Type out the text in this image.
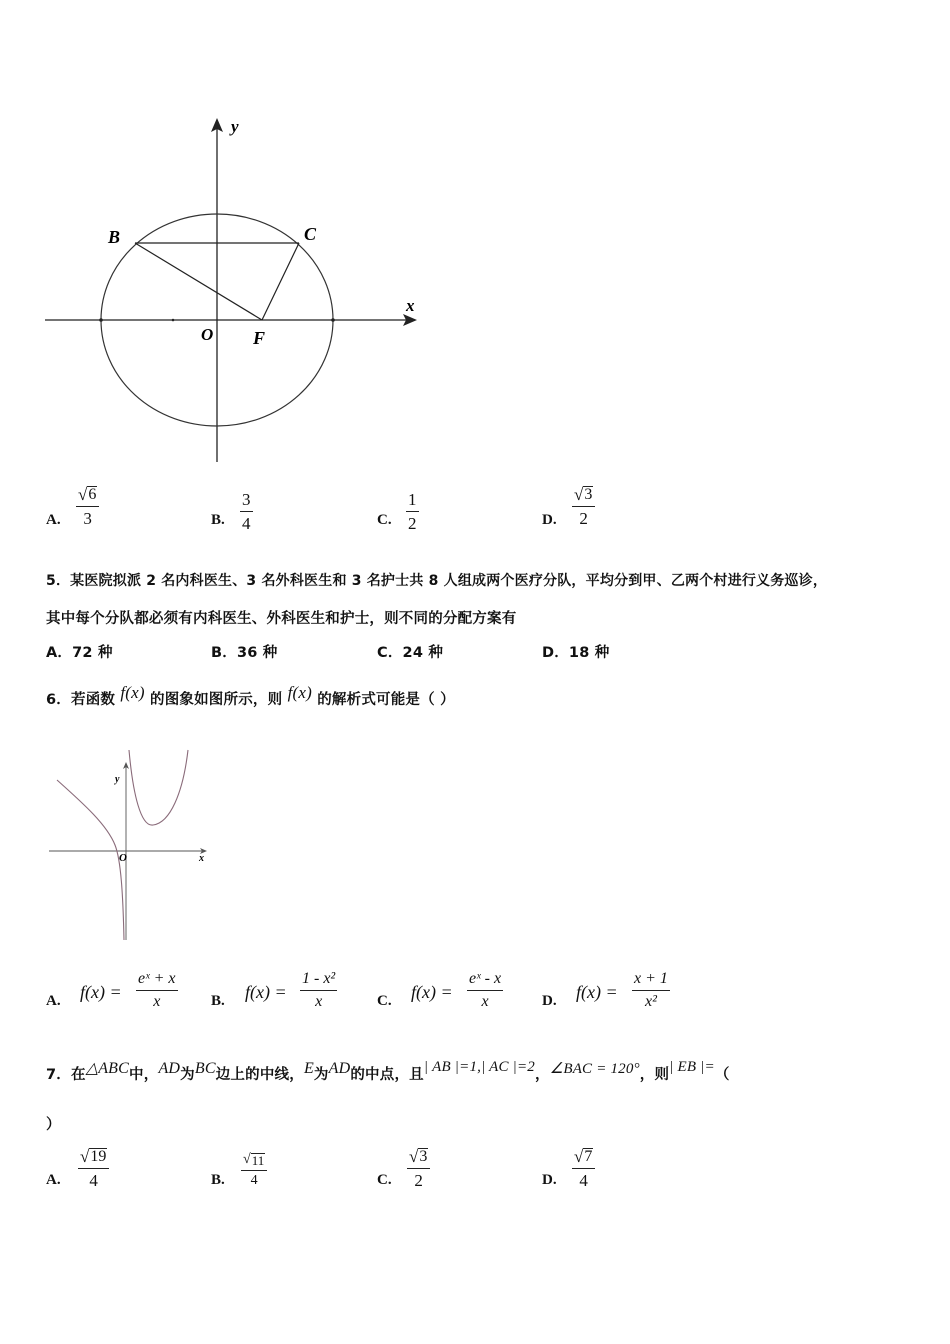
y
x
O
B	C
F
A. $\frac{√ 6}{3}$	B. $\frac{3}{4}$	C. $\frac{1}{2}$	D. $\frac{√ 3}{2}$
5．某医院拟派 2 名内科医生、3 名外科医生和 3 名护士共 8 人组成两个医疗分队，平均分到甲、乙两个村进行义务巡诊，
其中每个分队都必须有内科医生、外科医生和护士，则不同的分配方案有
A．72 种	B．36 种	C．24 种	D．18 种
6．若函数 f(x) 的图象如图所示，则 f(x) 的解析式可能是（ ）
y
x
O
A. $f(x) = \frac{\text{eˣ + x}}{x} B$. $f(x) = \frac{\text{1 - x²}}{x}$	C. $f(x) = \frac{\text{eˣ - x}}{x}$	D. $f(x) = \frac{x + 1}{\text{x²}}$
7．在△ABC中，AD为BC边上的中线，E为AD的中点，且| AB |=1,| AC |=2，∠BAC = 120°，则| EB |=（
）
A. $\frac{√ 19}{4}$	B. $\frac{√ 11}{4}$	C. $\frac{√ 3}{2}$	D. $\frac{√ 7}{4}$
